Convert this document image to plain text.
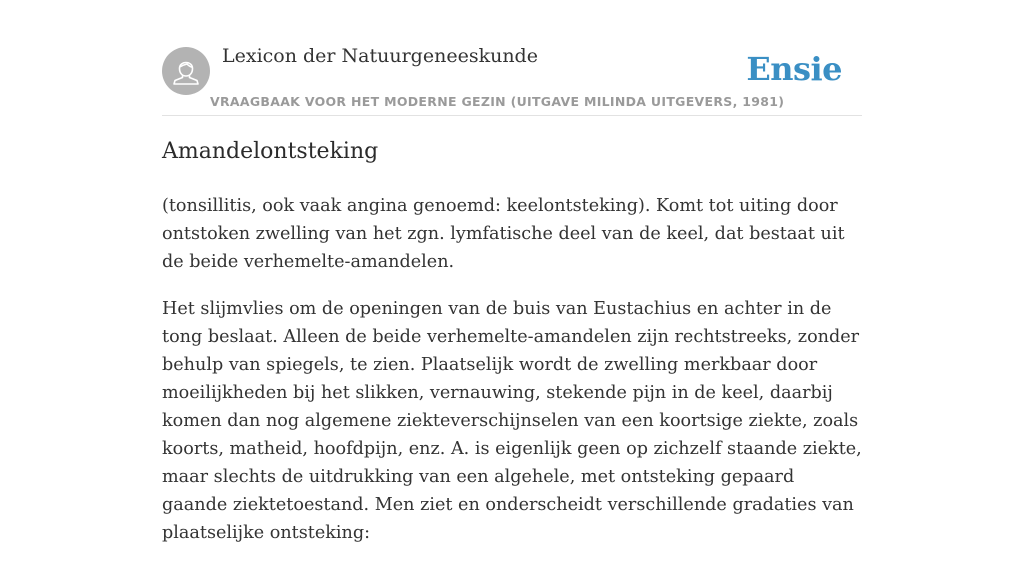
Lexicon der Natuurgeneeskunde
VRAAGBAAK VOOR HET MODERNE GEZIN (UITGAVE MILINDA UITGEVERS, 1981)
Ensie
Amandelontsteking

(tonsillitis, ook vaak angina genoemd: keelontsteking). Komt tot uiting door ontstoken zwelling van het zgn. lymfatische deel van de keel, dat bestaat uit de beide verhemelte-amandelen.

Het slijmvlies om de openingen van de buis van Eustachius en achter in de tong beslaat. Alleen de beide verhemelte-amandelen zijn rechtstreeks, zonder behulp van spiegels, te zien. Plaatselijk wordt de zwelling merkbaar door moeilijkheden bij het slikken, vernauwing, stekende pijn in de keel, daarbij komen dan nog algemene ziekteverschijnselen van een koortsige ziekte, zoals koorts, matheid, hoofdpijn, enz. A. is eigenlijk geen op zichzelf staande ziekte, maar slechts de uitdrukking van een algehele, met ontsteking gepaard gaande ziektetoestand. Men ziet en onderscheidt verschillende gradaties van plaatselijke ontsteking:
